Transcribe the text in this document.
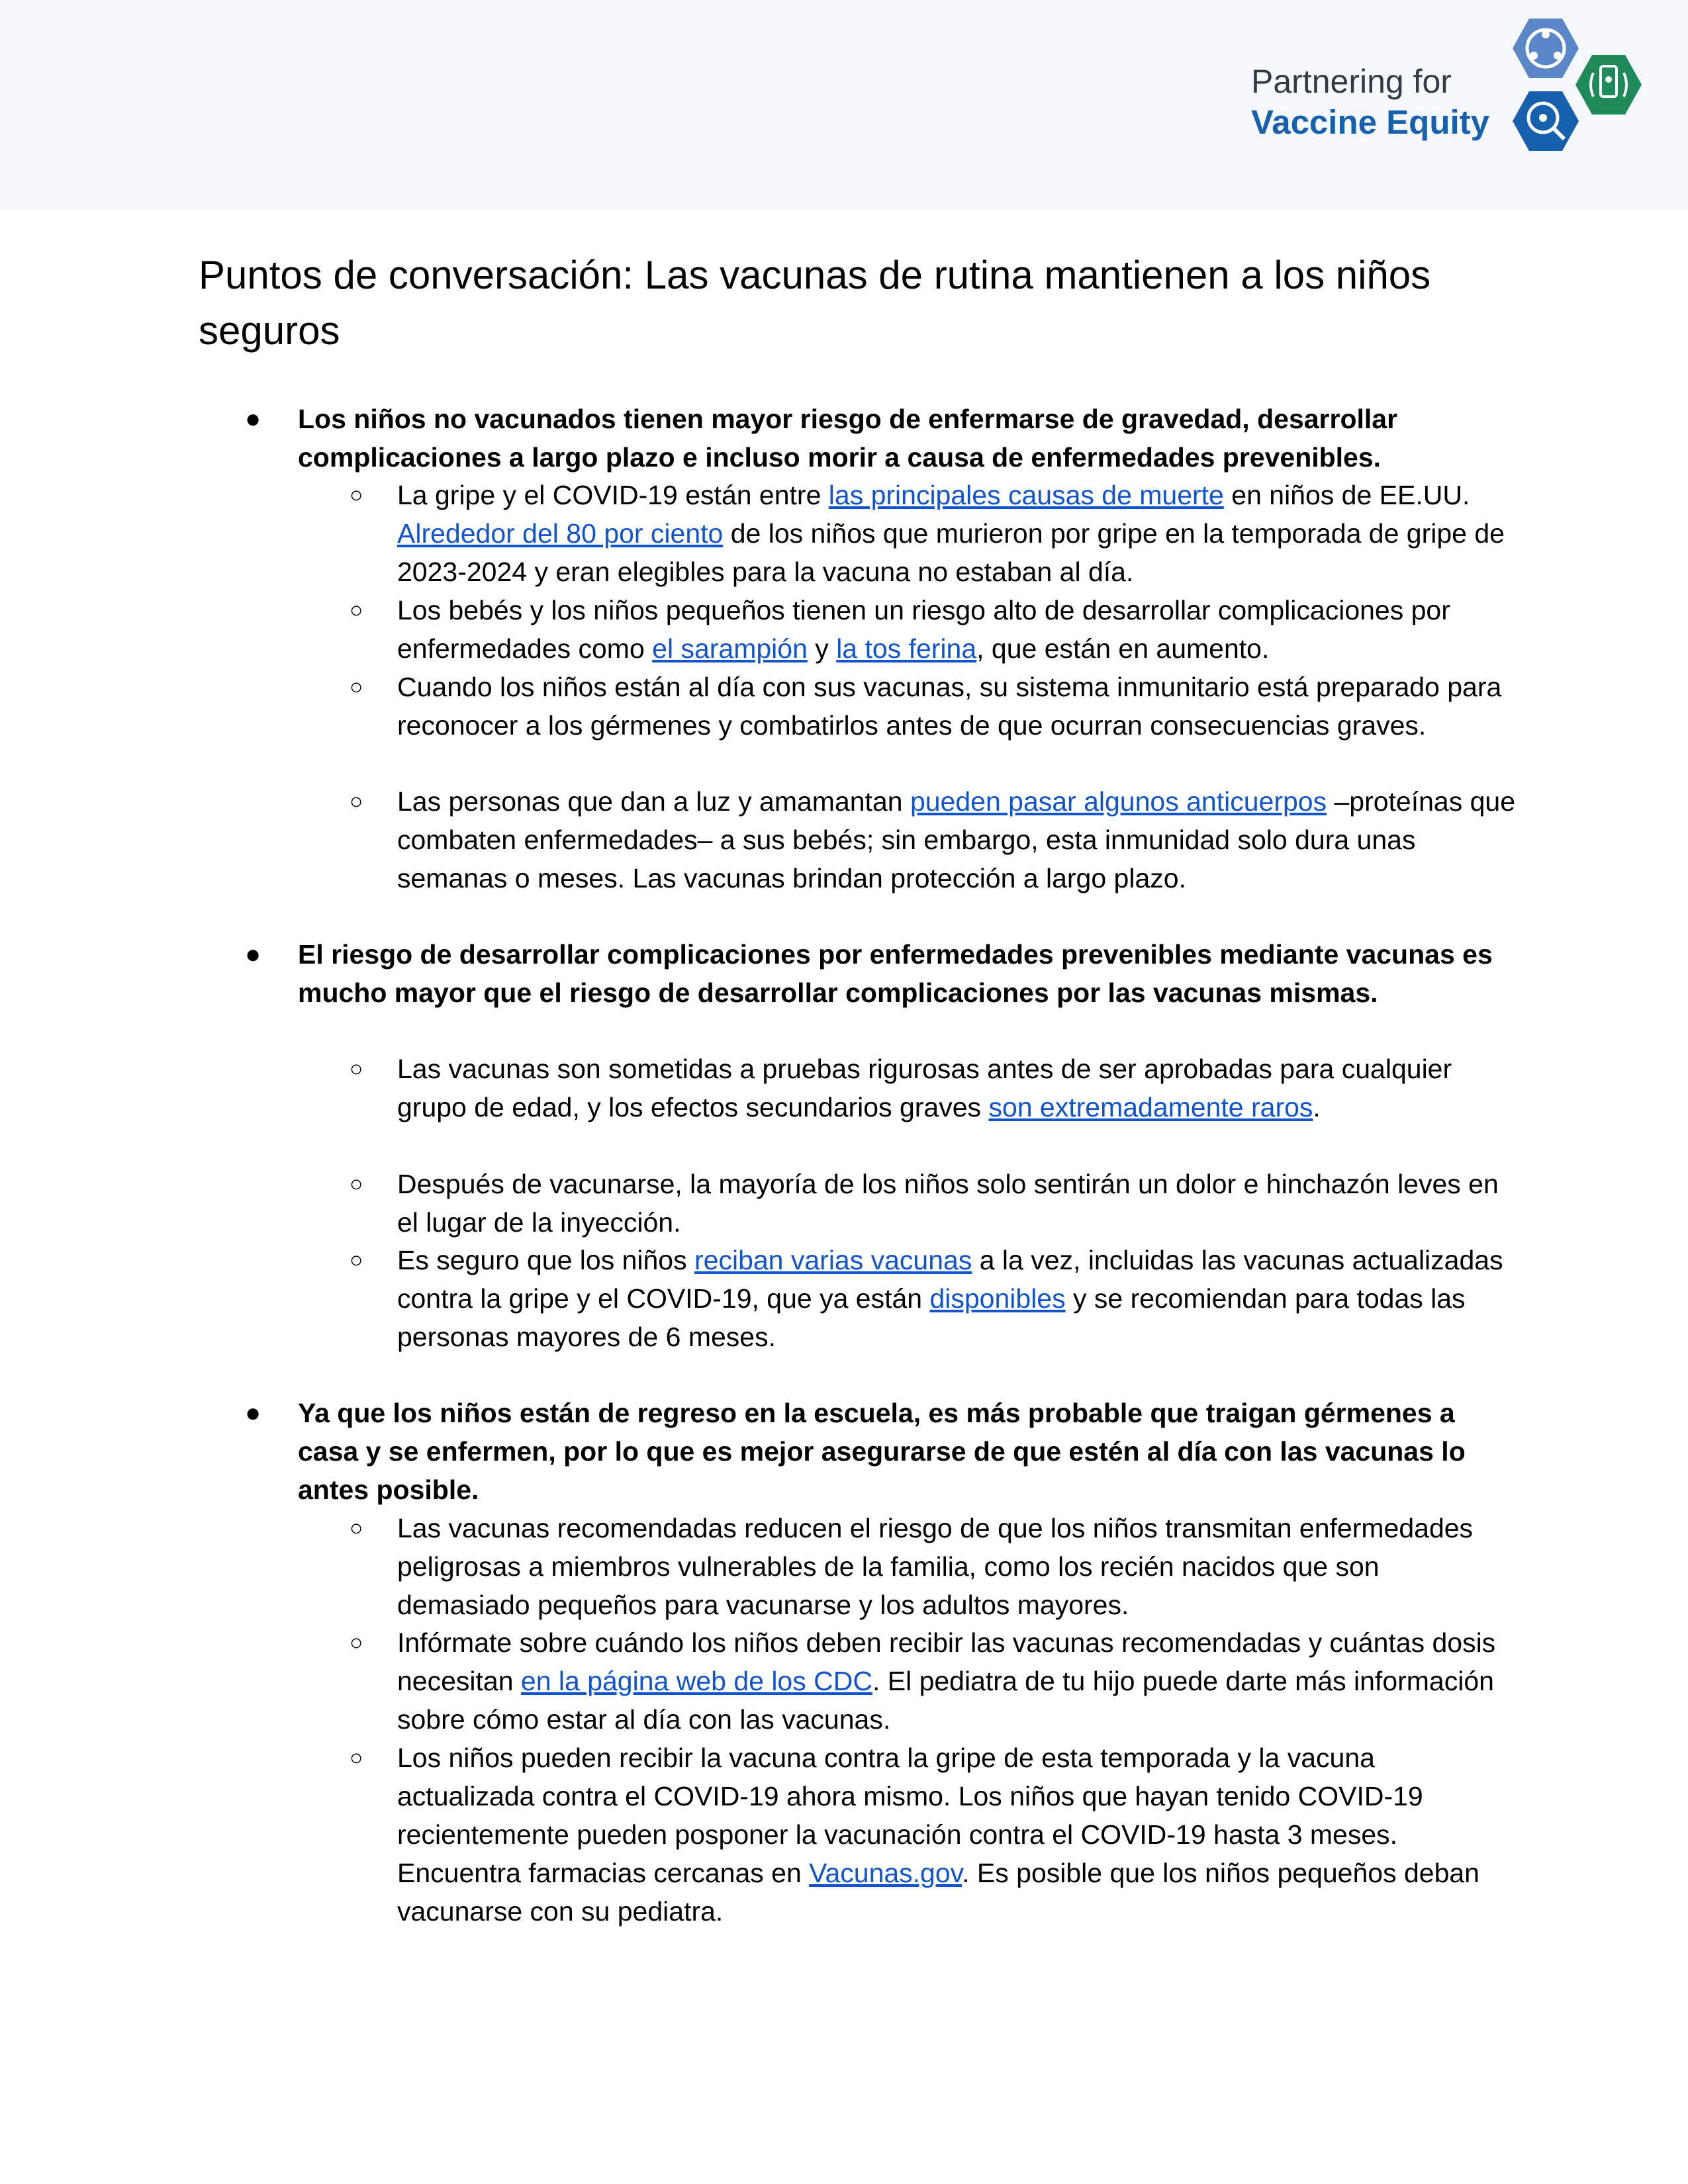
Partnering for
Vaccine Equity
Puntos de conversación: Las vacunas de rutina mantienen a los niños seguros
● Los niños no vacunados tienen mayor riesgo de enfermarse de gravedad, desarrollar complicaciones a largo plazo e incluso morir a causa de enfermedades prevenibles.
○ La gripe y el COVID-19 están entre las principales causas de muerte en niños de EE.UU. Alrededor del 80 por ciento de los niños que murieron por gripe en la temporada de gripe de 2023-2024 y eran elegibles para la vacuna no estaban al día.
○ Los bebés y los niños pequeños tienen un riesgo alto de desarrollar complicaciones por enfermedades como el sarampión y la tos ferina, que están en aumento.
○ Cuando los niños están al día con sus vacunas, su sistema inmunitario está preparado para reconocer a los gérmenes y combatirlos antes de que ocurran consecuencias graves.
○ Las personas que dan a luz y amamantan pueden pasar algunos anticuerpos –proteínas que combaten enfermedades– a sus bebés; sin embargo, esta inmunidad solo dura unas semanas o meses. Las vacunas brindan protección a largo plazo.
● El riesgo de desarrollar complicaciones por enfermedades prevenibles mediante vacunas es mucho mayor que el riesgo de desarrollar complicaciones por las vacunas mismas.
○ Las vacunas son sometidas a pruebas rigurosas antes de ser aprobadas para cualquier grupo de edad, y los efectos secundarios graves son extremadamente raros.
○ Después de vacunarse, la mayoría de los niños solo sentirán un dolor e hinchazón leves en el lugar de la inyección.
○ Es seguro que los niños reciban varias vacunas a la vez, incluidas las vacunas actualizadas contra la gripe y el COVID-19, que ya están disponibles y se recomiendan para todas las personas mayores de 6 meses.
● Ya que los niños están de regreso en la escuela, es más probable que traigan gérmenes a casa y se enfermen, por lo que es mejor asegurarse de que estén al día con las vacunas lo antes posible.
○ Las vacunas recomendadas reducen el riesgo de que los niños transmitan enfermedades peligrosas a miembros vulnerables de la familia, como los recién nacidos que son demasiado pequeños para vacunarse y los adultos mayores.
○ Infórmate sobre cuándo los niños deben recibir las vacunas recomendadas y cuántas dosis necesitan en la página web de los CDC. El pediatra de tu hijo puede darte más información sobre cómo estar al día con las vacunas.
○ Los niños pueden recibir la vacuna contra la gripe de esta temporada y la vacuna actualizada contra el COVID-19 ahora mismo. Los niños que hayan tenido COVID-19 recientemente pueden posponer la vacunación contra el COVID-19 hasta 3 meses. Encuentra farmacias cercanas en Vacunas.gov. Es posible que los niños pequeños deban vacunarse con su pediatra.
